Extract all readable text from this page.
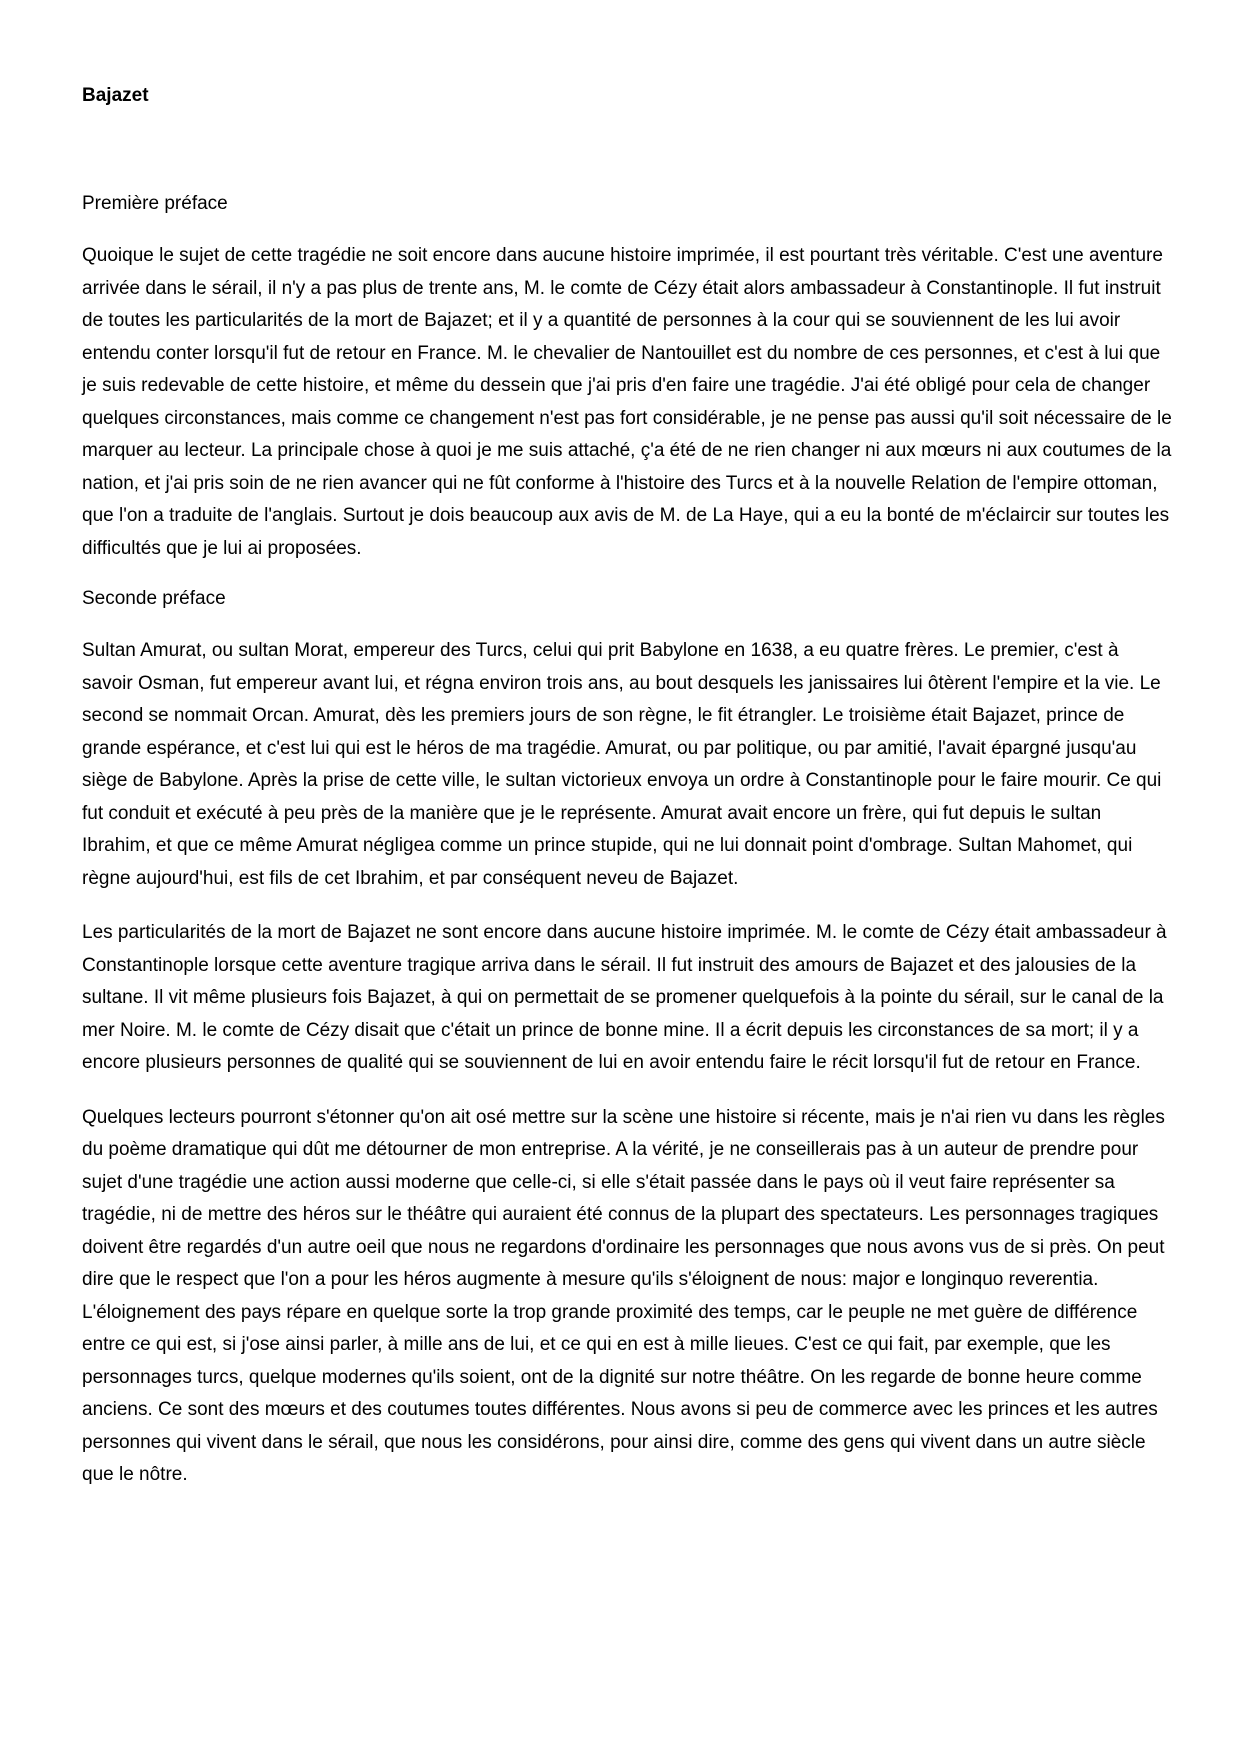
Bajazet

Première préface

Quoique le sujet de cette tragédie ne soit encore dans aucune histoire imprimée, il est pourtant très véritable. C'est une aventure arrivée dans le sérail, il n'y a pas plus de trente ans, M. le comte de Cézy était alors ambassadeur à Constantinople. Il fut instruit de toutes les particularités de la mort de Bajazet; et il y a quantité de personnes à la cour qui se souviennent de les lui avoir entendu conter lorsqu'il fut de retour en France. M. le chevalier de Nantouillet est du nombre de ces personnes, et c'est à lui que je suis redevable de cette histoire, et même du dessein que j'ai pris d'en faire une tragédie. J'ai été obligé pour cela de changer quelques circonstances, mais comme ce changement n'est pas fort considérable, je ne pense pas aussi qu'il soit nécessaire de le marquer au lecteur. La principale chose à quoi je me suis attaché, ç'a été de ne rien changer ni aux mœurs ni aux coutumes de la nation, et j'ai pris soin de ne rien avancer qui ne fût conforme à l'histoire des Turcs et à la nouvelle Relation de l'empire ottoman, que l'on a traduite de l'anglais. Surtout je dois beaucoup aux avis de M. de La Haye, qui a eu la bonté de m'éclaircir sur toutes les difficultés que je lui ai proposées.

Seconde préface

Sultan Amurat, ou sultan Morat, empereur des Turcs, celui qui prit Babylone en 1638, a eu quatre frères. Le premier, c'est à savoir Osman, fut empereur avant lui, et régna environ trois ans, au bout desquels les janissaires lui ôtèrent l'empire et la vie. Le second se nommait Orcan. Amurat, dès les premiers jours de son règne, le fit étrangler. Le troisième était Bajazet, prince de grande espérance, et c'est lui qui est le héros de ma tragédie. Amurat, ou par politique, ou par amitié, l'avait épargné jusqu'au siège de Babylone. Après la prise de cette ville, le sultan victorieux envoya un ordre à Constantinople pour le faire mourir. Ce qui fut conduit et exécuté à peu près de la manière que je le représente. Amurat avait encore un frère, qui fut depuis le sultan Ibrahim, et que ce même Amurat négligea comme un prince stupide, qui ne lui donnait point d'ombrage. Sultan Mahomet, qui règne aujourd'hui, est fils de cet Ibrahim, et par conséquent neveu de Bajazet.

Les particularités de la mort de Bajazet ne sont encore dans aucune histoire imprimée. M. le comte de Cézy était ambassadeur à Constantinople lorsque cette aventure tragique arriva dans le sérail. Il fut instruit des amours de Bajazet et des jalousies de la sultane. Il vit même plusieurs fois Bajazet, à qui on permettait de se promener quelquefois à la pointe du sérail, sur le canal de la mer Noire. M. le comte de Cézy disait que c'était un prince de bonne mine. Il a écrit depuis les circonstances de sa mort; il y a encore plusieurs personnes de qualité qui se souviennent de lui en avoir entendu faire le récit lorsqu'il fut de retour en France.

Quelques lecteurs pourront s'étonner qu'on ait osé mettre sur la scène une histoire si récente, mais je n'ai rien vu dans les règles du poème dramatique qui dût me détourner de mon entreprise. A la vérité, je ne conseillerais pas à un auteur de prendre pour sujet d'une tragédie une action aussi moderne que celle-ci, si elle s'était passée dans le pays où il veut faire représenter sa tragédie, ni de mettre des héros sur le théâtre qui auraient été connus de la plupart des spectateurs. Les personnages tragiques doivent être regardés d'un autre oeil que nous ne regardons d'ordinaire les personnages que nous avons vus de si près. On peut dire que le respect que l'on a pour les héros augmente à mesure qu'ils s'éloignent de nous: major e longinquo reverentia. L'éloignement des pays répare en quelque sorte la trop grande proximité des temps, car le peuple ne met guère de différence entre ce qui est, si j'ose ainsi parler, à mille ans de lui, et ce qui en est à mille lieues. C'est ce qui fait, par exemple, que les personnages turcs, quelque modernes qu'ils soient, ont de la dignité sur notre théâtre. On les regarde de bonne heure comme anciens. Ce sont des mœurs et des coutumes toutes différentes. Nous avons si peu de commerce avec les princes et les autres personnes qui vivent dans le sérail, que nous les considérons, pour ainsi dire, comme des gens qui vivent dans un autre siècle que le nôtre.
